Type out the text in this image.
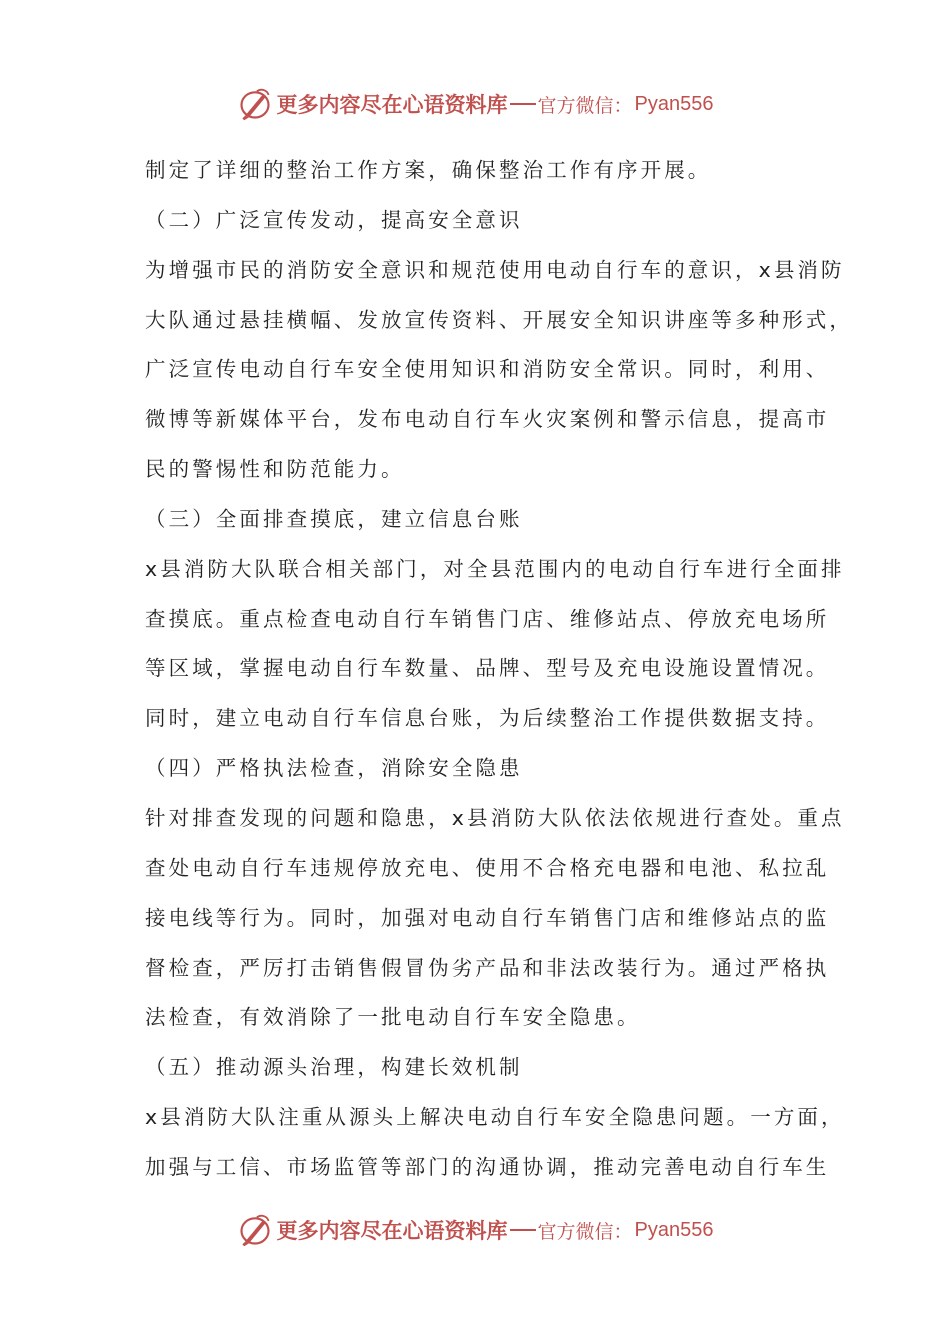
更多内容尽在心语资料库 官方微信： Pyan556
制定了详细的整治工作方案，确保整治工作有序开展。
（二）广泛宣传发动，提高安全意识
为增强市民的消防安全意识和规范使用电动自行车的意识，x县消防
大队通过悬挂横幅、发放宣传资料、开展安全知识讲座等多种形式，
广泛宣传电动自行车安全使用知识和消防安全常识。同时，利用、
微博等新媒体平台，发布电动自行车火灾案例和警示信息，提高市
民的警惕性和防范能力。
（三）全面排查摸底，建立信息台账
x县消防大队联合相关部门，对全县范围内的电动自行车进行全面排
查摸底。重点检查电动自行车销售门店、维修站点、停放充电场所
等区域，掌握电动自行车数量、品牌、型号及充电设施设置情况。
同时，建立电动自行车信息台账，为后续整治工作提供数据支持。
（四）严格执法检查，消除安全隐患
针对排查发现的问题和隐患，x县消防大队依法依规进行查处。重点
查处电动自行车违规停放充电、使用不合格充电器和电池、私拉乱
接电线等行为。同时，加强对电动自行车销售门店和维修站点的监
督检查，严厉打击销售假冒伪劣产品和非法改装行为。通过严格执
法检查，有效消除了一批电动自行车安全隐患。
（五）推动源头治理，构建长效机制
x县消防大队注重从源头上解决电动自行车安全隐患问题。一方面，
加强与工信、市场监管等部门的沟通协调，推动完善电动自行车生
更多内容尽在心语资料库 官方微信： Pyan556
